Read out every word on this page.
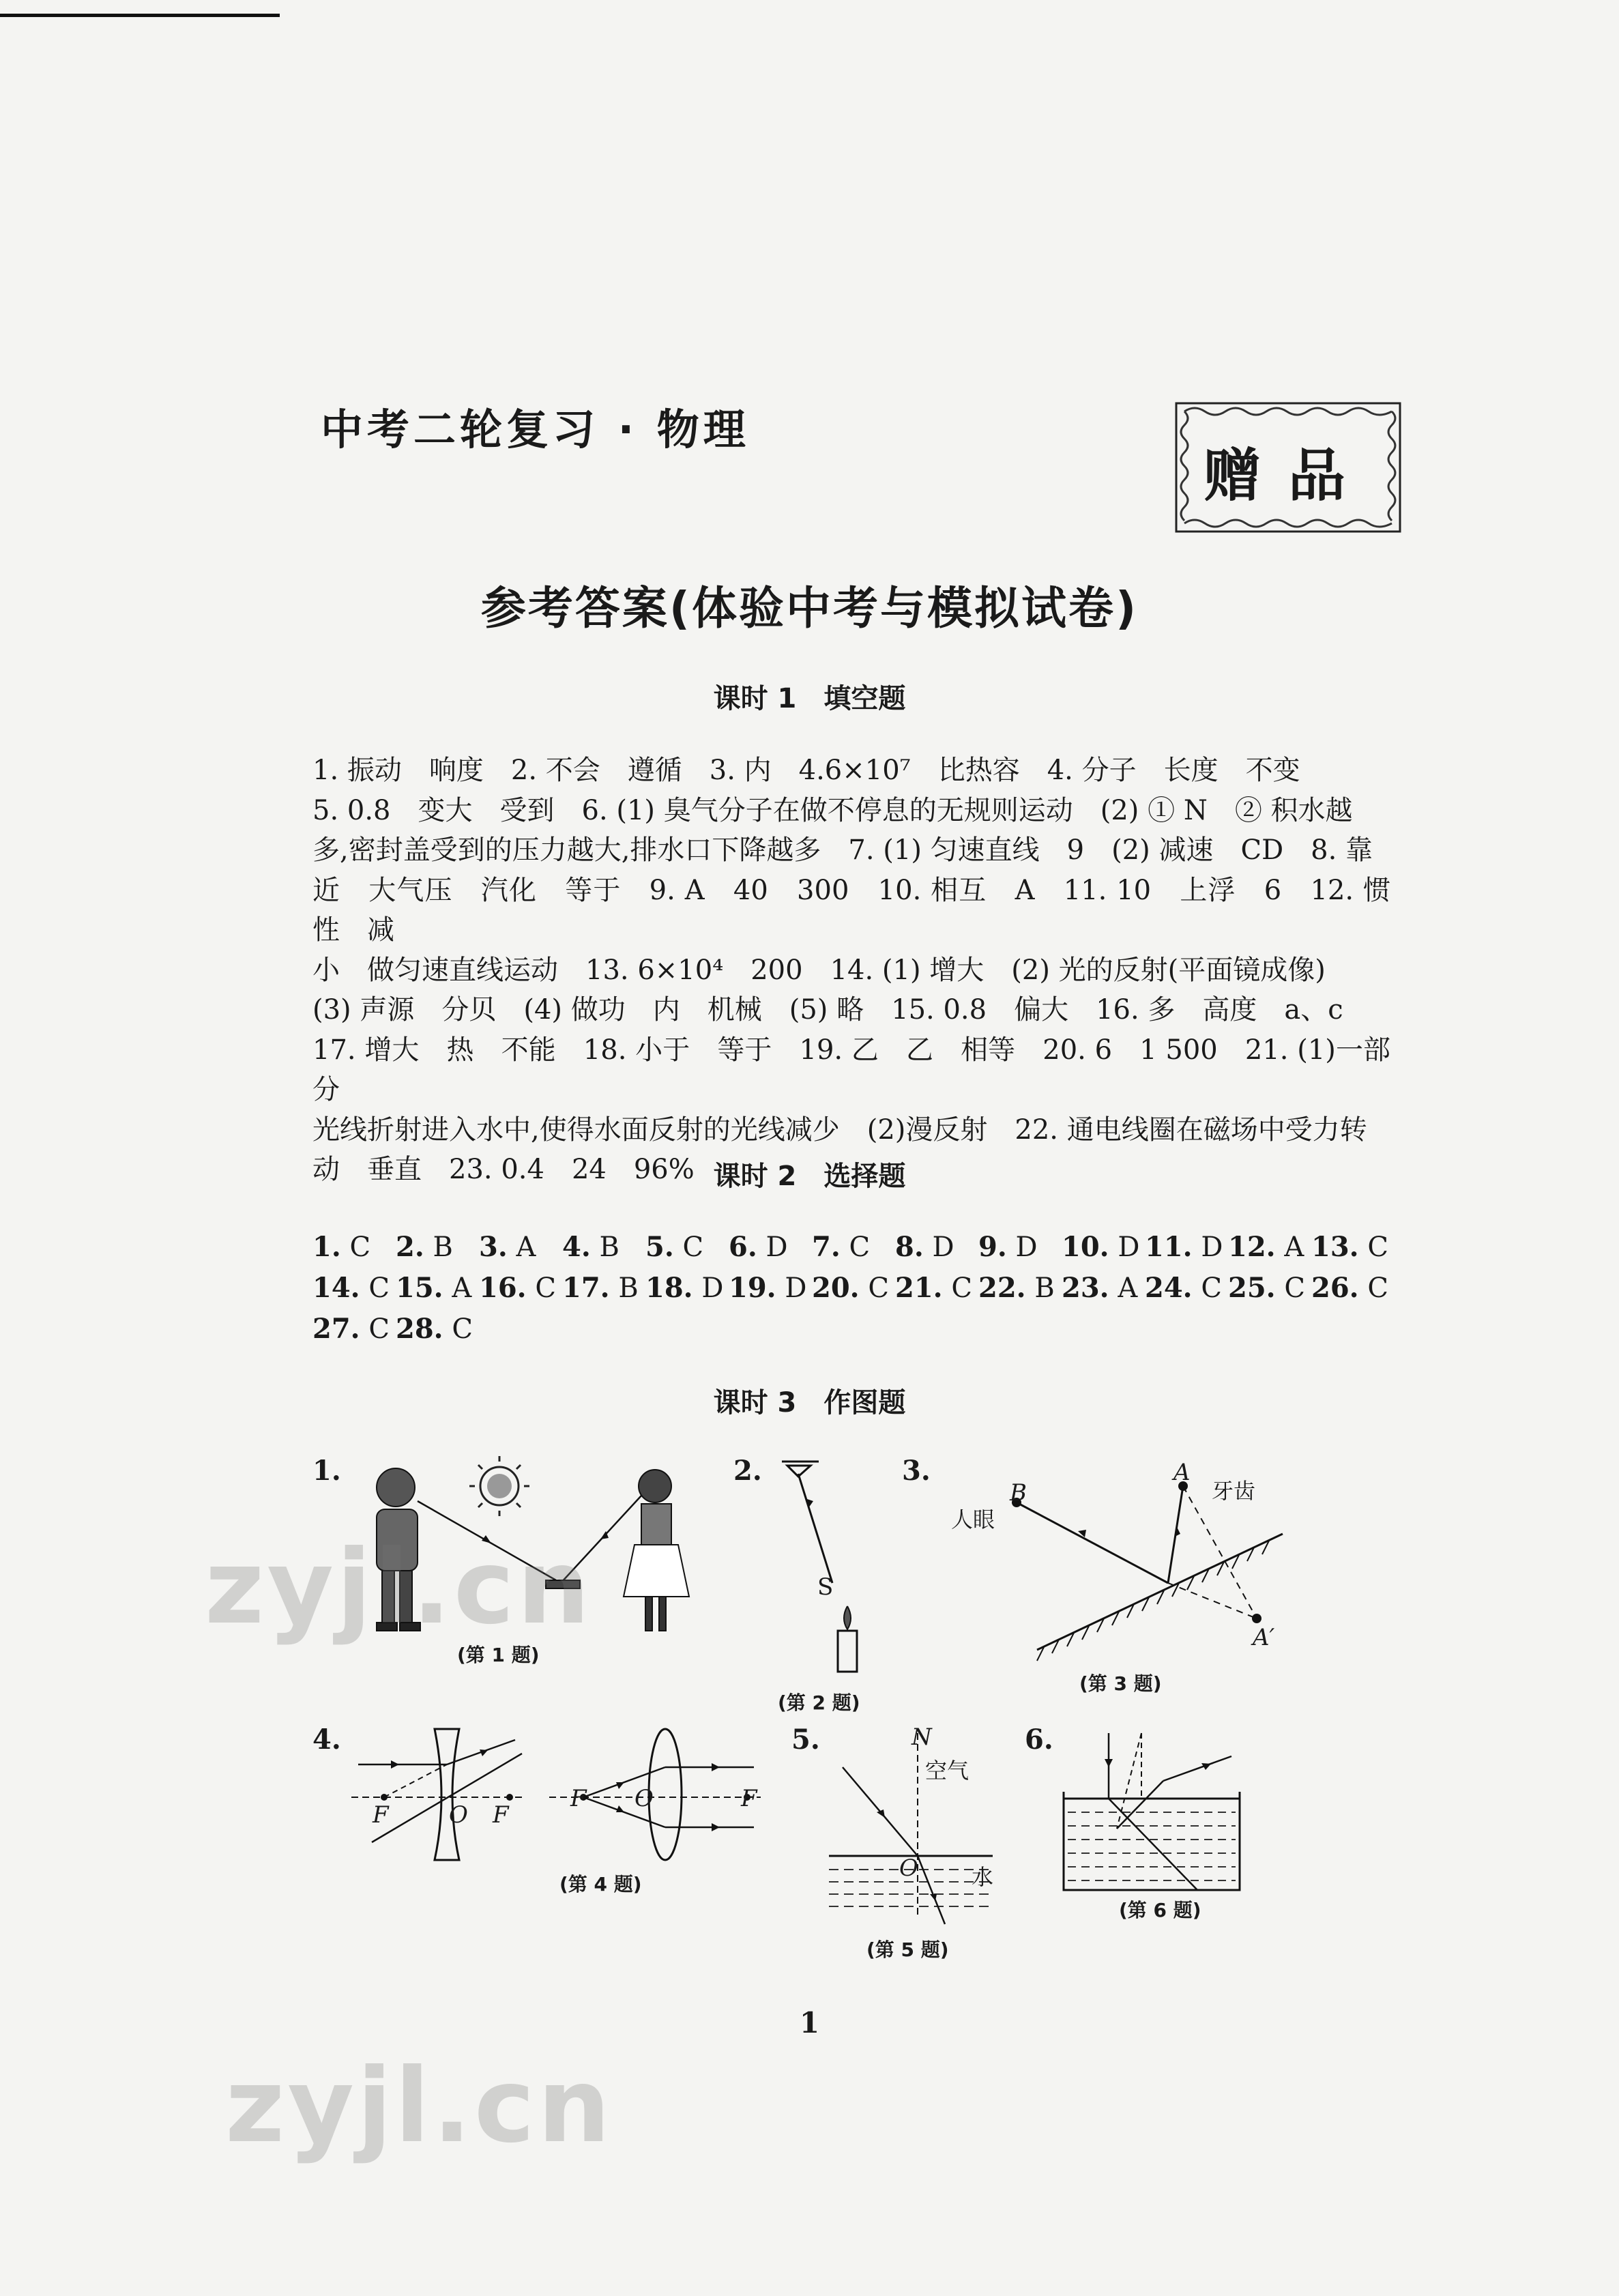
中考二轮复习 · 物理
赠品
参考答案(体验中考与模拟试卷)
课时 1　填空题
1. 振动　响度　2. 不会　遵循　3. 内　4.6×10⁷　比热容　4. 分子　长度　不变
5. 0.8　变大　受到　6. (1) 臭气分子在做不停息的无规则运动　(2) ① N　② 积水越
多,密封盖受到的压力越大,排水口下降越多　7. (1) 匀速直线　9　(2) 减速　CD　8. 靠
近　大气压　汽化　等于　9. A　40　300　10. 相互　A　11. 10　上浮　6　12. 惯性　减
小　做匀速直线运动　13. 6×10⁴　200　14. (1) 增大　(2) 光的反射(平面镜成像)
(3) 声源　分贝　(4) 做功　内　机械　(5) 略　15. 0.8　偏大　16. 多　高度　a、c
17. 增大　热　不能　18. 小于　等于　19. 乙　乙　相等　20. 6　1 500　21. (1)一部分
光线折射进入水中,使得水面反射的光线减少　(2)漫反射　22. 通电线圈在磁场中受力转
动　垂直　23. 0.4　24　96% 课时 2　选择题
1. C 2. B 3. A 4. B 5. C 6. D 7. C 8. D 9. D 10. D 11. D 12. A 13. C
14. C 15. A 16. C 17. B 18. D 19. D 20. C 21. C 22. B 23. A 24. C 25. C 26. C
27. C 28. C
课时 3　作图题
1.
(第 1 题)
2.
S
(第 2 题)
3.
B
人眼
A
牙齿
A′
(第 3 题)
4.
F	O F
F O	F
(第 4 题)
5.	N
空气
O 水
(第 5 题)
6.
(第 6 题)
1
zyjl.cn
zyjl.cn
